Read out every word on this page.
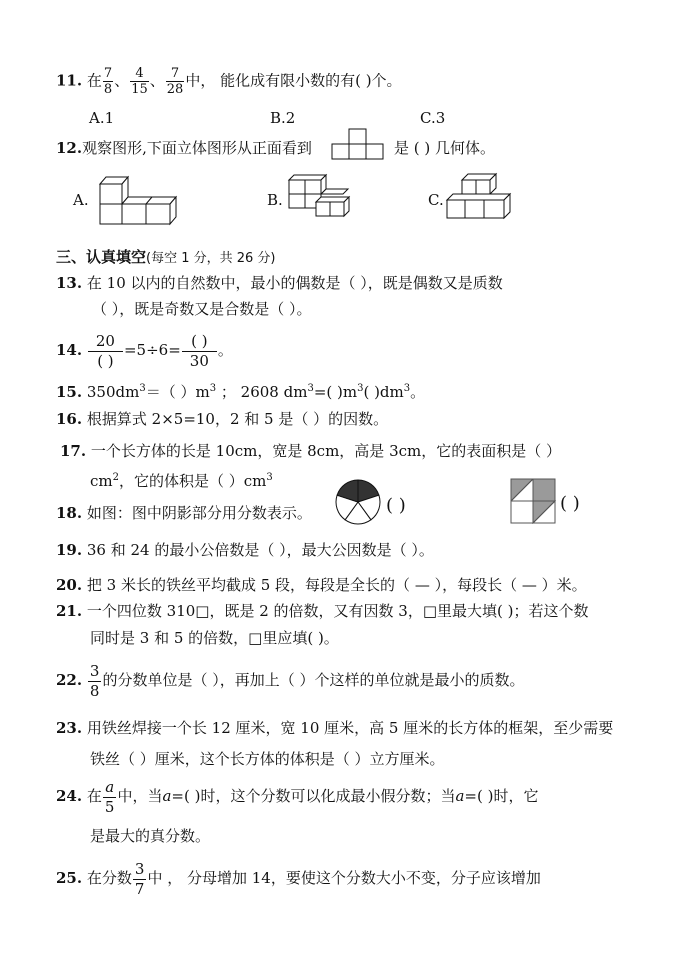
11. 在 $\frac{7}{8}$ 、 $\frac{4}{15}$ 、 $\frac{7}{28}$ 中， 能化成有限小数的有( )个。
A.1	B.2	C.3
12.观察图形,下面立体图形从正面看到	是 ( ) 几何体。
A.	B.	C.
三、认真填空(每空 1 分，共 26 分)
13. 在 10 以内的自然数中，最小的偶数是（ ），既是偶数又是质数
（ ），既是奇数又是合数是（ ）。
14. $\frac{20}{( )} =5\div 6= \frac{( )}{30}$ 。
15. $350dm^3=$（ ）$m^3$ ； 2608 $dm^3=$( )$m^3$( )$dm^3$。
16. 根据算式 2×5=10，2 和 5 是（ ）的因数。
17. 一个长方体的长是 10cm，宽是 8cm，高是 3cm，它的表面积是（ ）
$cm^2$，它的体积是（ ）$cm^3$
18. 如图：图中阴影部分用分数表示。	( )	( )
19. 36 和 24 的最小公倍数是（ ），最大公因数是（ ）。
20. 把 3 米长的铁丝平均截成 5 段，每段是全长的（ — ），每段长（ — ）米。
21. 一个四位数 310□，既是 2 的倍数，又有因数 3，□里最大填( )；若这个数
同时是 3 和 5 的倍数，□里应填( )。
22. $\frac{3}{8}$ 的分数单位是（ ），再加上（ ）个这样的单位就是最小的质数。
23. 用铁丝焊接一个长 12 厘米，宽 10 厘米，高 5 厘米的长方体的框架，至少需要
铁丝（ ）厘米，这个长方体的体积是（ ）立方厘米。
24. 在 $\frac{a}{5}$ 中，当a=( )时，这个分数可以化成最小假分数；当a=( )时，它
是最大的真分数。
25. 在分数 $\frac{3}{7}$ 中 ， 分母增加 14，要使这个分数大小不变，分子应该增加
